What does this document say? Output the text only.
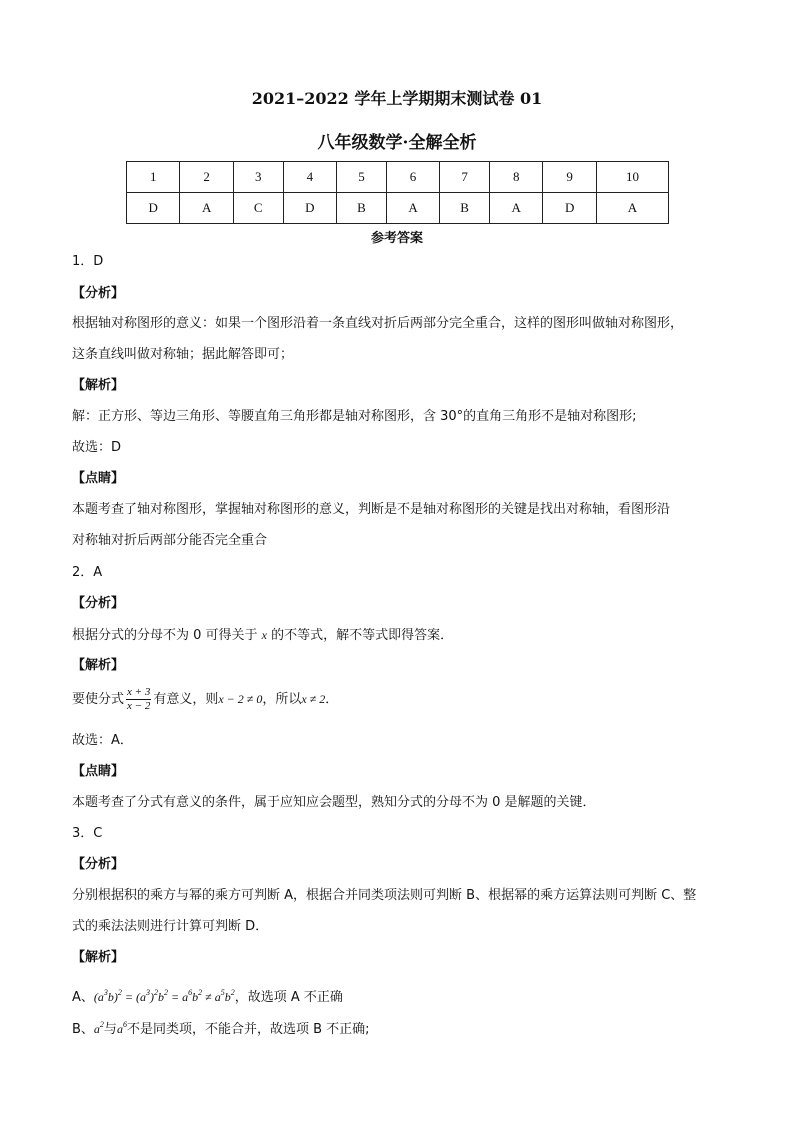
2021–2022 学年上学期期末测试卷 01
八年级数学·全解全析
1	2	3	4	5	6	7	8	9	10
D	A	C	D	B	A	B	A	D	A
参考答案
1．D
【分析】
根据轴对称图形的意义：如果一个图形沿着一条直线对折后两部分完全重合，这样的图形叫做轴对称图形，
这条直线叫做对称轴；据此解答即可；
【解析】
解：正方形、等边三角形、等腰直角三角形都是轴对称图形，含 30°的直角三角形不是轴对称图形;
故选：D
【点睛】
本题考查了轴对称图形，掌握轴对称图形的意义，判断是不是轴对称图形的关键是找出对称轴，看图形沿
对称轴对折后两部分能否完全重合
2．A
【分析】
根据分式的分母不为 0 可得关于 x 的不等式，解不等式即得答案．
【解析】
要使分式 $\frac{x + 3}{x - 2}$ 有意义，则x − 2 ≠ 0，所以x ≠ 2．
故选：A．
【点睛】
本题考查了分式有意义的条件，属于应知应会题型，熟知分式的分母不为 0 是解题的关键．
3．C
【分析】
分别根据积的乘方与幂的乘方可判断 A，根据合并同类项法则可判断 B、根据幂的乘方运算法则可判断 C、整
式的乘法法则进行计算可判断 D．
【解析】
A、$(a^3b)^2 = (a^3)^2b^2 = a^6b^2 \ne a^5b^2$，故选项 A 不正确
B、$a^2$与$a^6$不是同类项，不能合并，故选项 B 不正确;
